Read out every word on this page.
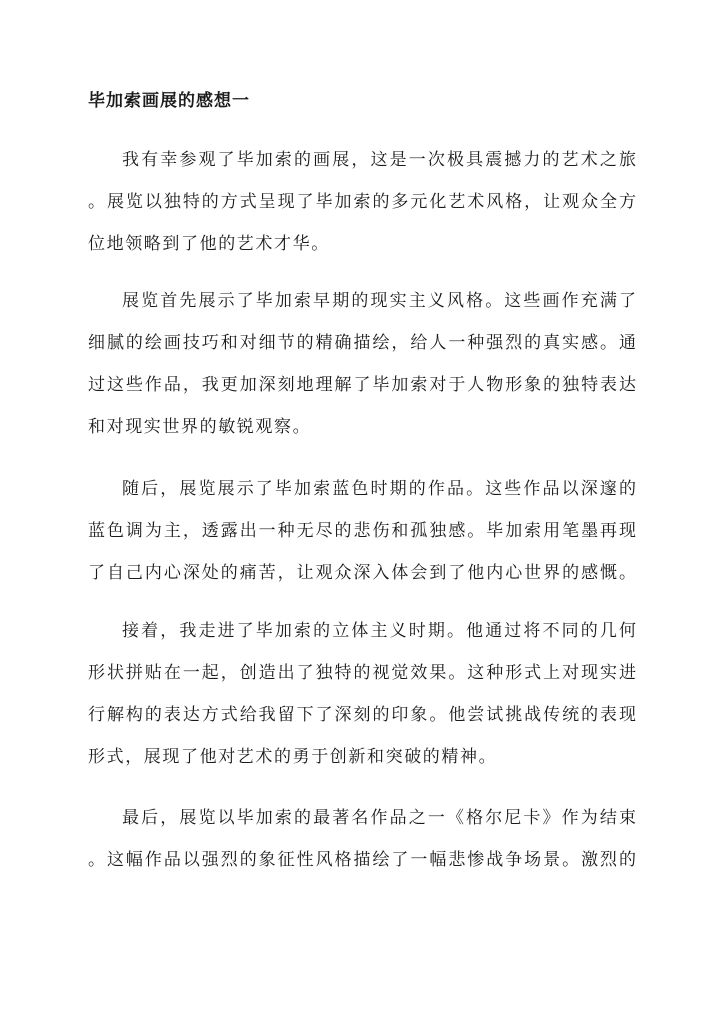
毕加索画展的感想一
我有幸参观了毕加索的画展，这是一次极具震撼力的艺术之旅
。展览以独特的方式呈现了毕加索的多元化艺术风格，让观众全方
位地领略到了他的艺术才华。
展览首先展示了毕加索早期的现实主义风格。这些画作充满了
细腻的绘画技巧和对细节的精确描绘，给人一种强烈的真实感。通
过这些作品，我更加深刻地理解了毕加索对于人物形象的独特表达
和对现实世界的敏锐观察。
随后，展览展示了毕加索蓝色时期的作品。这些作品以深邃的
蓝色调为主，透露出一种无尽的悲伤和孤独感。毕加索用笔墨再现
了自己内心深处的痛苦，让观众深入体会到了他内心世界的感慨。
接着，我走进了毕加索的立体主义时期。他通过将不同的几何
形状拼贴在一起，创造出了独特的视觉效果。这种形式上对现实进
行解构的表达方式给我留下了深刻的印象。他尝试挑战传统的表现
形式，展现了他对艺术的勇于创新和突破的精神。
最后，展览以毕加索的最著名作品之一《格尔尼卡》作为结束
。这幅作品以强烈的象征性风格描绘了一幅悲惨战争场景。激烈的
